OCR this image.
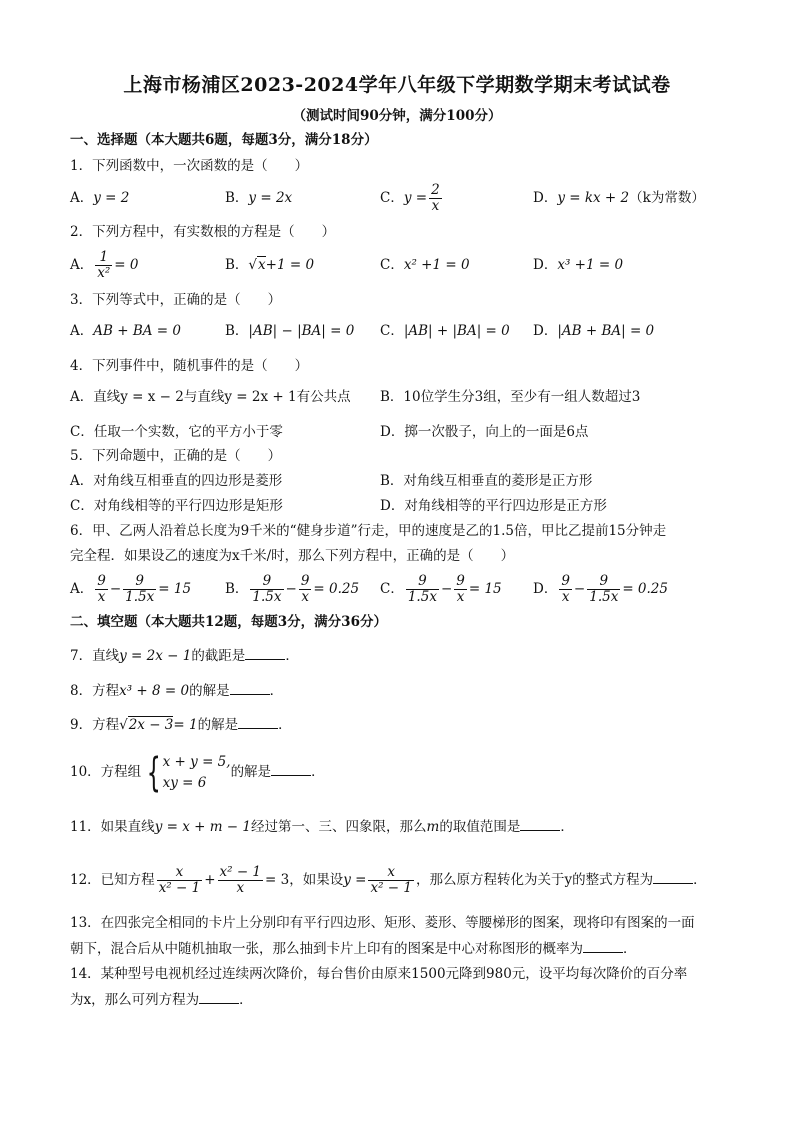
上海市杨浦区2023-2024学年八年级下学期数学期末考试试卷
（测试时间90分钟，满分100分）
一、选择题（本大题共6题，每题3分，满分18分）
1．下列函数中，一次函数的是（　　）
A．y = 2	B．y = 2x	C．$y = \frac{2}{x}$	D．y = kx + 2（k为常数）
2．下列方程中，有实数根的方程是（　　）
A． $\frac{1}{\text{x²}} = 0$	B．√x+1 = 0	C．x² +1 = 0	D．x³ +1 = 0
3．下列等式中，正确的是（　　）
A．AB + BA = 0	B．|AB| − |BA| = 0 C．|AB| + |BA| = 0 D．|AB + BA| = 0
4．下列事件中，随机事件的是（　　）
A．直线y = x − 2与直线y = 2x + 1有公共点 B．10位学生分3组，至少有一组人数超过3
C．任取一个实数，它的平方小于零	D．掷一次骰子，向上的一面是6点
5．下列命题中，正确的是（　　）
A．对角线互相垂直的四边形是菱形	B．对角线互相垂直的菱形是正方形
C．对角线相等的平行四边形是矩形	D．对角线相等的平行四边形是正方形
6．甲、乙两人沿着总长度为9千米的“健身步道”行走，甲的速度是乙的1.5倍，甲比乙提前15分钟走
完全程．如果设乙的速度为x千米/时，那么下列方程中，正确的是（　　）
A． $\frac{9}{x} - \frac{9}{1.5x} = 15$	B． $\frac{9}{1.5x} - \frac{9}{x} = 0.25$ C． $\frac{9}{1.5x} - \frac{9}{x} = 15$ D． $\frac{9}{x} - \frac{9}{1.5x} = 0.25$
二、填空题（本大题共12题，每题3分，满分36分）
7．直线y = 2x − 1的截距是	．
8．方程x³ + 8 = 0的解是	．
9．方程√2x − 3= 1的解是	．
10．方程组 { x + y = 5,
xy = 6
的解是	．
11．如果直线y = x + m − 1经过第一、三、四象限，那么m的取值范围是	．
12．已知方程 $\frac{x}{\text{x² − 1}} + \frac{\text{x² − 1}}{x} = 3$，如果设$y = \frac{x}{\text{x² − 1}}$ ，那么原方程转化为关于y的整式方程为	．
13．在四张完全相同的卡片上分别印有平行四边形、矩形、菱形、等腰梯形的图案，现将印有图案的一面
朝下，混合后从中随机抽取一张，那么抽到卡片上印有的图案是中心对称图形的概率为	．
14．某种型号电视机经过连续两次降价，每台售价由原来1500元降到980元，设平均每次降价的百分率
为x，那么可列方程为	．
